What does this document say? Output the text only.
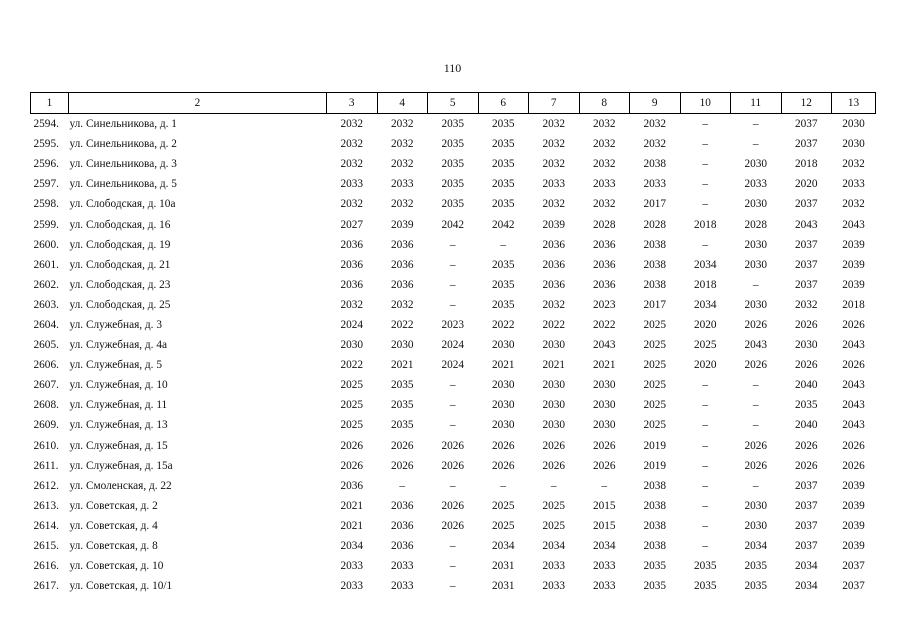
110
1	2	3	4	5	6	7	8	9	10	11	12	13
2594.	ул. Синельникова, д. 1	2032	2032	2035	2035	2032	2032	2032	–	–	2037	2030
2595.	ул. Синельникова, д. 2	2032	2032	2035	2035	2032	2032	2032	–	–	2037	2030
2596.	ул. Синельникова, д. 3	2032	2032	2035	2035	2032	2032	2038	–	2030	2018	2032
2597.	ул. Синельникова, д. 5	2033	2033	2035	2035	2033	2033	2033	–	2033	2020	2033
2598.	ул. Слободская, д. 10а	2032	2032	2035	2035	2032	2032	2017	–	2030	2037	2032
2599.	ул. Слободская, д. 16	2027	2039	2042	2042	2039	2028	2028	2018	2028	2043	2043
2600.	ул. Слободская, д. 19	2036	2036	–	–	2036	2036	2038	–	2030	2037	2039
2601.	ул. Слободская, д. 21	2036	2036	–	2035	2036	2036	2038	2034	2030	2037	2039
2602.	ул. Слободская, д. 23	2036	2036	–	2035	2036	2036	2038	2018	–	2037	2039
2603.	ул. Слободская, д. 25	2032	2032	–	2035	2032	2023	2017	2034	2030	2032	2018
2604.	ул. Служебная, д. 3	2024	2022	2023	2022	2022	2022	2025	2020	2026	2026	2026
2605.	ул. Служебная, д. 4а	2030	2030	2024	2030	2030	2043	2025	2025	2043	2030	2043
2606.	ул. Служебная, д. 5	2022	2021	2024	2021	2021	2021	2025	2020	2026	2026	2026
2607.	ул. Служебная, д. 10	2025	2035	–	2030	2030	2030	2025	–	–	2040	2043
2608.	ул. Служебная, д. 11	2025	2035	–	2030	2030	2030	2025	–	–	2035	2043
2609.	ул. Служебная, д. 13	2025	2035	–	2030	2030	2030	2025	–	–	2040	2043
2610.	ул. Служебная, д. 15	2026	2026	2026	2026	2026	2026	2019	–	2026	2026	2026
2611.	ул. Служебная, д. 15а	2026	2026	2026	2026	2026	2026	2019	–	2026	2026	2026
2612.	ул. Смоленская, д. 22	2036	–	–	–	–	–	2038	–	–	2037	2039
2613.	ул. Советская, д. 2	2021	2036	2026	2025	2025	2015	2038	–	2030	2037	2039
2614.	ул. Советская, д. 4	2021	2036	2026	2025	2025	2015	2038	–	2030	2037	2039
2615.	ул. Советская, д. 8	2034	2036	–	2034	2034	2034	2038	–	2034	2037	2039
2616.	ул. Советская, д. 10	2033	2033	–	2031	2033	2033	2035	2035	2035	2034	2037
2617.	ул. Советская, д. 10/1	2033	2033	–	2031	2033	2033	2035	2035	2035	2034	2037
